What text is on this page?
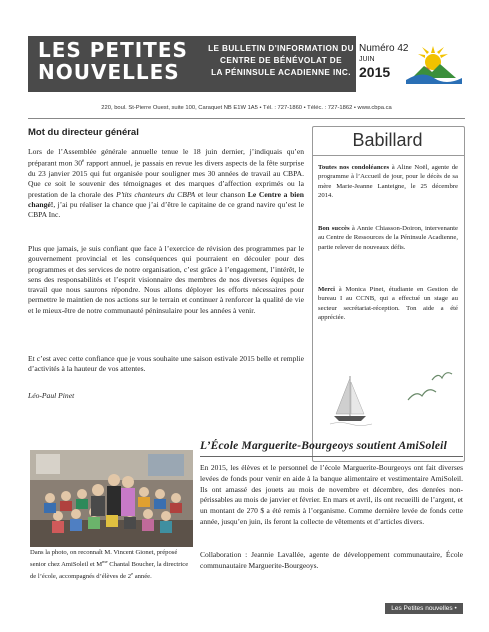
LES PETITES
NOUVELLES
LE BULLETIN D'INFORMATION DU
CENTRE DE BÉNÉVOLAT DE
LA PÉNINSULE ACADIENNE INC.
Numéro 42
JUIN
2015
220, boul. St-Pierre Ouest, suite 100, Caraquet NB E1W 1A5 • Tél. : 727-1860 • Téléc. : 727-1862 • www.cbpa.ca
Mot du directeur général

Lors de l’Assemblée générale annuelle tenue le 18 juin dernier, j’indiquais qu’en préparant mon 30e rapport annuel, je passais en revue les divers aspects de la fête surprise du 23 janvier 2015 qui fut organisée pour souligner mes 30 années de travail au CBPA. Que ce soit le souvenir des témoignages et des marques d’affection exprimés ou la prestation de la chorale des P’tits chanteurs du CBPA et leur chanson Le Centre a bien changé!, j’ai pu réaliser la chance que j’ai d’être le capitaine de ce grand navire qu’est le CBPA Inc.

Plus que jamais, je suis confiant que face à l’exercice de révision des programmes par le gouvernement provincial et les conséquences qui pourraient en découler pour des programmes et des services de notre organisation, c’est grâce à l’engagement, l’intérêt, le sens des responsabilités et l’esprit visionnaire des membres de nos diverses équipes de travail que nous saurons répondre. Nous allons déployer les efforts nécessaires pour permettre le maintien de nos actions sur le terrain et continuer à renforcer la qualité de vie et le mieux-être de notre communauté péninsulaire pour les années à venir.

Et c’est avec cette confiance que je vous souhaite une saison estivale 2015 belle et remplie d’activités à la hauteur de vos attentes.

Léo-Paul Pinet
Babillard

Toutes nos condoléances à Aline Noël, agente de programme à l’Accueil de jour, pour le décès de sa mère Marie-Jeanne Lanteigne, le 25 décembre 2014.

Bon succès à Annie Chiasson-Doiron, intervenante au Centre de Ressources de la Péninsule Acadienne, partie relever de nouveaux défis.

Merci à Monica Pinet, étudiante en Gestion de bureau I au CCNB, qui a effectué un stage au secteur secrétariat-réception. Ton aide a été appréciée.

L’École Marguerite-Bourgeoys soutient AmiSoleil

Dans la photo, on reconnaît M. Vincent Gionet, préposé senior chez AmiSoleil et $M^{me}$ Chantal Boucher, la directrice de l’école, accompagnés d’élèves de 2e année.

En 2015, les élèves et le personnel de l’école Marguerite-Bourgeoys ont fait diverses levées de fonds pour venir en aide à la banque alimentaire et vestimentaire AmiSoleil. Ils ont amassé des jouets au mois de novembre et décembre, des denrées non-périssables au mois de janvier et février. En mars et avril, ils ont recueilli de l’argent, et un montant de 270 $ a été remis à l’organisme. Comme dernière levée de fonds cette année, jusqu’en juin, ils feront la collecte de vêtements et d’articles divers.

Collaboration : Jeannie Lavallée, agente de développement communautaire, École communautaire Marguerite-Bourgeoys.

Les Petites nouvelles • page 1
